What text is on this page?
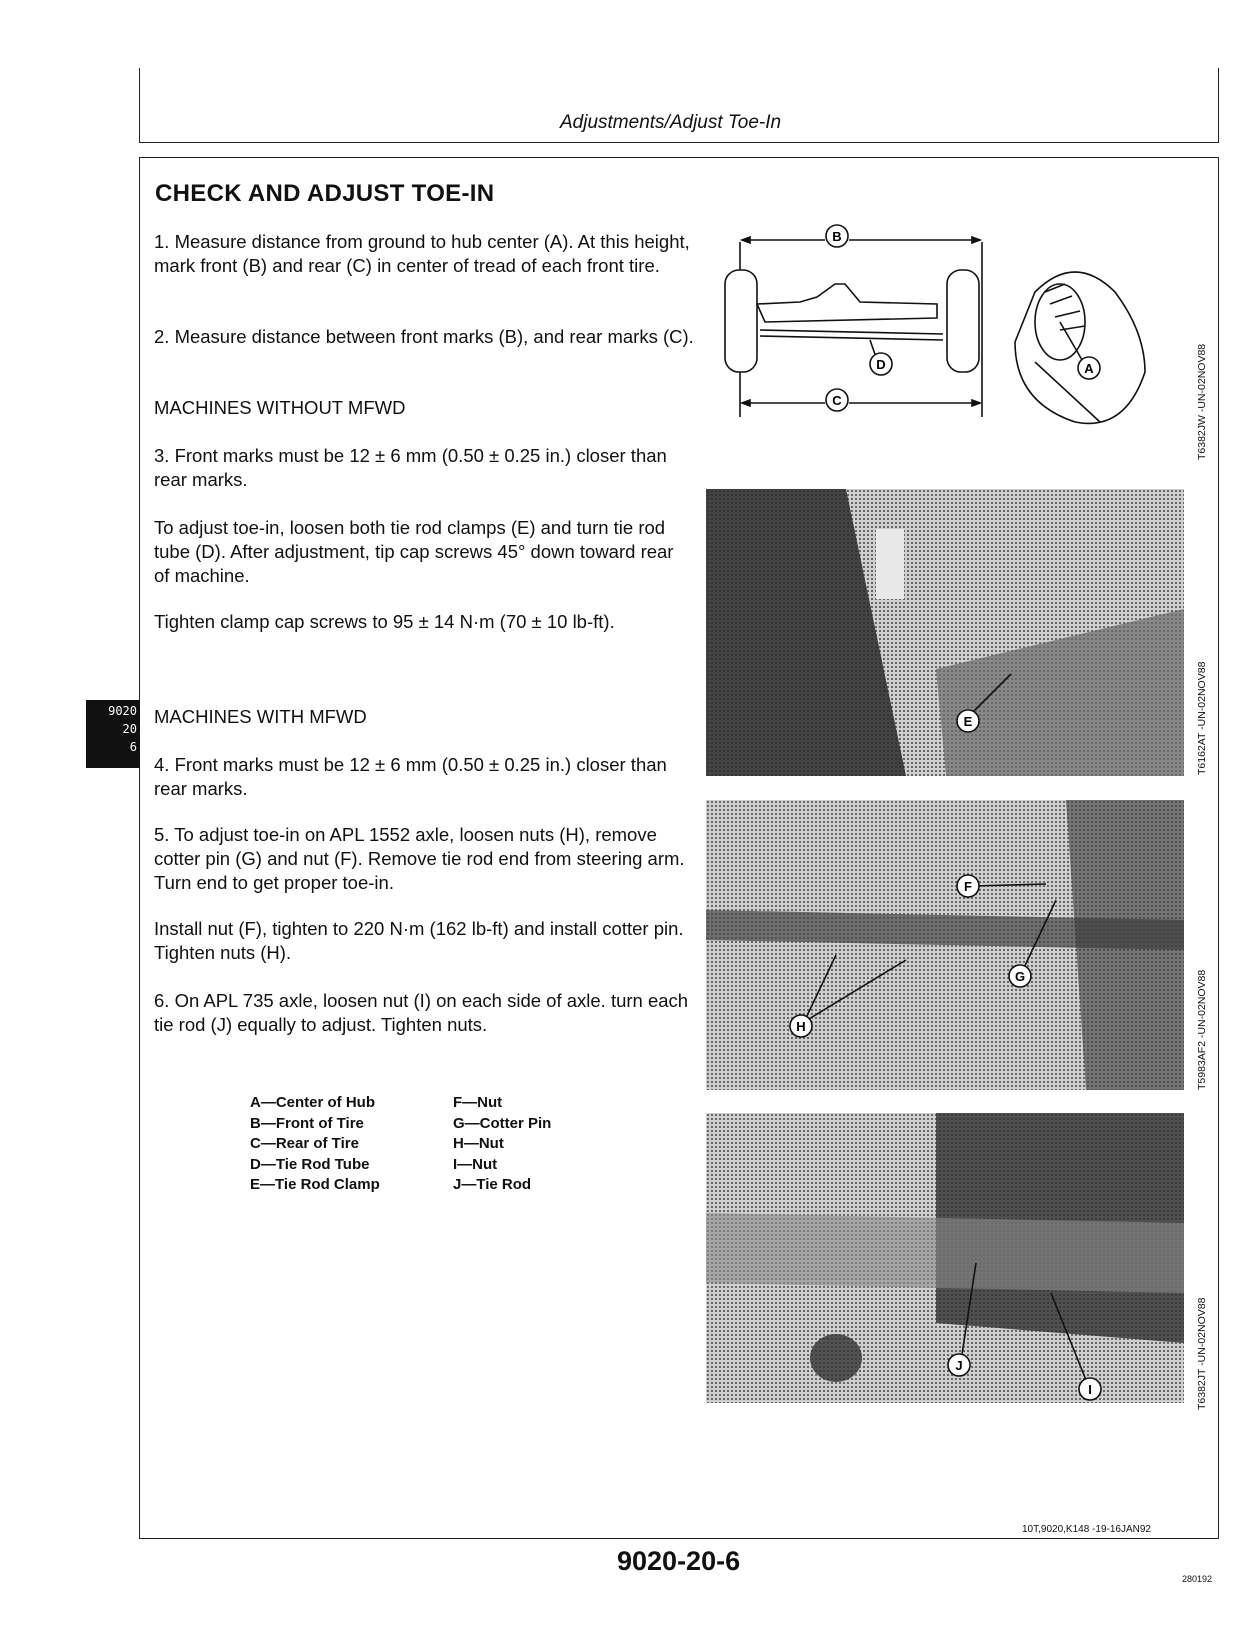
Adjustments/Adjust Toe-In
CHECK AND ADJUST TOE-IN
1. Measure distance from ground to hub center (A). At this height, mark front (B) and rear (C) in center of tread of each front tire.
2. Measure distance between front marks (B), and rear marks (C).
MACHINES WITHOUT MFWD
3. Front marks must be 12 ± 6 mm (0.50 ± 0.25 in.) closer than rear marks.
To adjust toe-in, loosen both tie rod clamps (E) and turn tie rod tube (D). After adjustment, tip cap screws 45° down toward rear of machine.
Tighten clamp cap screws to 95 ± 14 N·m (70 ± 10 lb-ft).
MACHINES WITH MFWD
4. Front marks must be 12 ± 6 mm (0.50 ± 0.25 in.) closer than rear marks.
5. To adjust toe-in on APL 1552 axle, loosen nuts (H), remove cotter pin (G) and nut (F). Remove tie rod end from steering arm. Turn end to get proper toe-in.
Install nut (F), tighten to 220 N·m (162 lb-ft) and install cotter pin. Tighten nuts (H).
6. On APL 735 axle, loosen nut (I) on each side of axle. turn each tie rod (J) equally to adjust. Tighten nuts.
9020
20
6
A—Center of Hub
B—Front of Tire
C—Rear of Tire
D—Tie Rod Tube
E—Tie Rod Clamp
F—Nut
G—Cotter Pin
H—Nut
I—Nut
J—Tie Rod
B
C
D	A	T6382JW -UN-02NOV88
E	T6162AT -UN-02NOV88
F
G
H	T5983AF2 -UN-02NOV88
J
I	T6382JT -UN-02NOV88
10T,9020,K148 -19-16JAN92
9020-20-6
280192
